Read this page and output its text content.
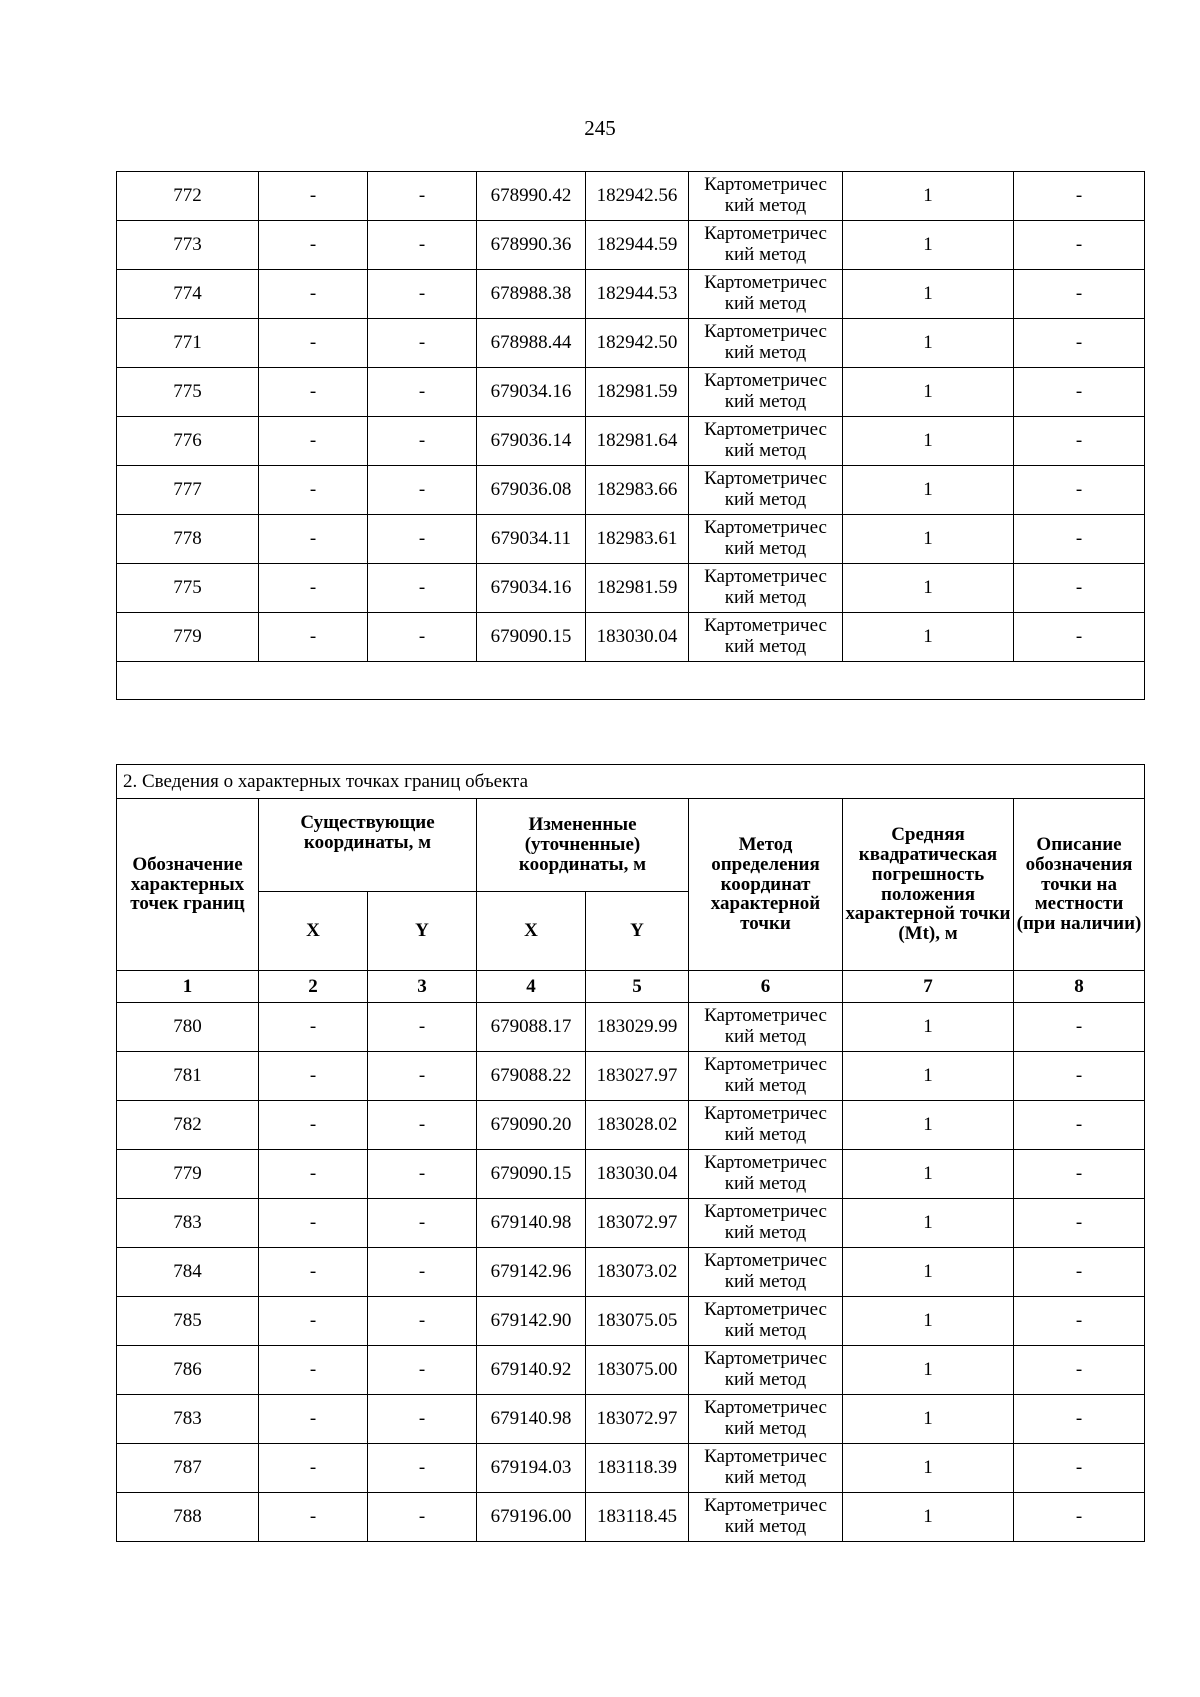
245
772	-	-	678990.42	182942.56	Картометричес
кий метод	1	-
773	-	-	678990.36	182944.59	Картометричес
кий метод	1	-
774	-	-	678988.38	182944.53	Картометричес
кий метод	1	-
771	-	-	678988.44	182942.50	Картометричес
кий метод	1	-
775	-	-	679034.16	182981.59	Картометричес
кий метод	1	-
776	-	-	679036.14	182981.64	Картометричес
кий метод	1	-
777	-	-	679036.08	182983.66	Картометричес
кий метод	1	-
778	-	-	679034.11	182983.61	Картометричес
кий метод	1	-
775	-	-	679034.16	182981.59	Картометричес
кий метод	1	-
779	-	-	679090.15	183030.04	Картометричес
кий метод	1	-

2. Сведения о характерных точках границ объекта							
Обозначение характерных точек границ	Существующие координаты, м		Измененные (уточненные) координаты, м		Метод определения координат характерной точки	Средняя квадратическая погрешность положения характерной точки (Mt), м	Описание обозначения точки на местности (при наличии)
	X	Y	X	Y			
1	2	3	4	5	6	7	8
780	-	-	679088.17	183029.99	Картометричес
кий метод	1	-
781	-	-	679088.22	183027.97	Картометричес
кий метод	1	-
782	-	-	679090.20	183028.02	Картометричес
кий метод	1	-
779	-	-	679090.15	183030.04	Картометричес
кий метод	1	-
783	-	-	679140.98	183072.97	Картометричес
кий метод	1	-
784	-	-	679142.96	183073.02	Картометричес
кий метод	1	-
785	-	-	679142.90	183075.05	Картометричес
кий метод	1	-
786	-	-	679140.92	183075.00	Картометричес
кий метод	1	-
783	-	-	679140.98	183072.97	Картометричес
кий метод	1	-
787	-	-	679194.03	183118.39	Картометричес
кий метод	1	-
788	-	-	679196.00	183118.45	Картометричес
кий метод	1	-
